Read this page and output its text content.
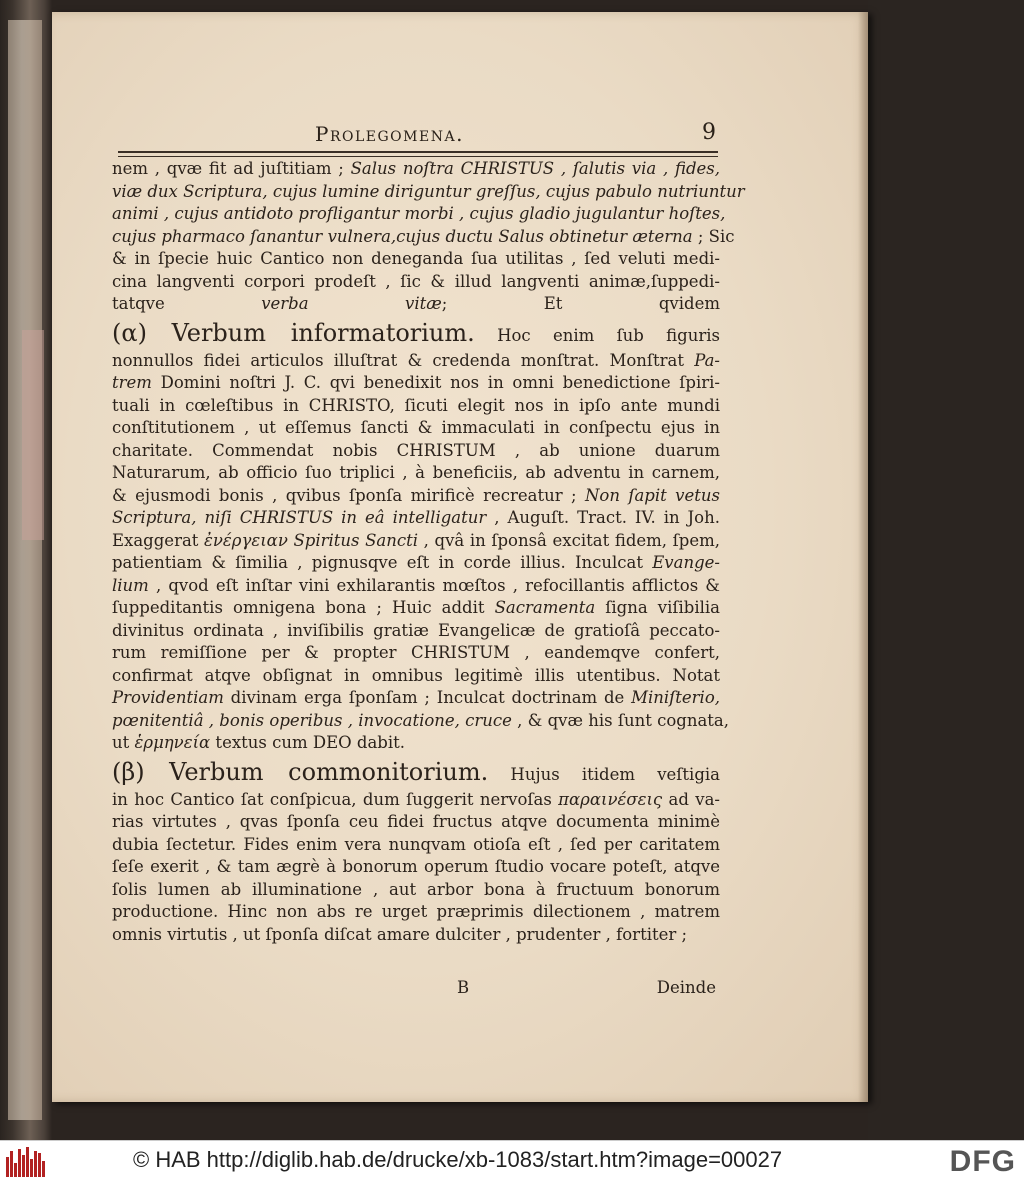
Prolegomena.	9
nem , qvæ fit ad juſtitiam ; Salus noſtra CHRISTUS , ſalutis via , fides,
viæ dux Scriptura, cujus lumine diriguntur greſſus, cujus pabulo nutriuntur
animi , cujus antidoto profligantur morbi , cujus gladio jugulantur hoſtes,
cujus pharmaco ſanantur vulnera,cujus ductu Salus obtinetur æterna ; Sic
& in ſpecie huic Cantico non deneganda ſua utilitas , ſed veluti medi-
cina langventi corpori prodeſt , ſic & illud langventi animæ,ſuppedi-
tatqve verba vitæ; Et qvidem
(α) Verbum informatorium. Hoc enim ſub figuris
nonnullos fidei articulos illuſtrat & credenda monſtrat. Monſtrat Pa-
trem Domini noſtri J. C. qvi benedixit nos in omni benedictione ſpiri-
tuali in cœleſtibus in CHRISTO, ſicuti elegit nos in ipſo ante mundi
conſtitutionem , ut eſſemus ſancti & immaculati in conſpectu ejus in
charitate. Commendat nobis CHRISTUM , ab unione duarum
Naturarum, ab officio ſuo triplici , à beneficiis, ab adventu in carnem,
& ejusmodi bonis , qvibus ſponſa mirificè recreatur ; Non ſapit vetus
Scriptura, niſi CHRISTUS in eâ intelligatur , Auguſt. Tract. IV. in Joh.
Exaggerat ἐνέργειαν Spiritus Sancti , qvâ in ſponsâ excitat fidem, ſpem,
patientiam & ſimilia , pignusqve eſt in corde illius. Inculcat Evange-
lium , qvod eſt inſtar vini exhilarantis mœſtos , refocillantis afflictos &
ſuppeditantis omnigena bona ; Huic addit Sacramenta ſigna viſibilia
divinitus ordinata , inviſibilis gratiæ Evangelicæ de gratioſâ peccato-
rum remiſſione per & propter CHRISTUM , eandemqve confert,
confirmat atqve obſignat in omnibus legitimè illis utentibus. Notat
Providentiam divinam erga ſponſam ; Inculcat doctrinam de Miniſterio,
pœnitentiâ , bonis operibus , invocatione, cruce , & qvæ his ſunt cognata,
ut ἑρμηνεία textus cum DEO dabit.
(β) Verbum commonitorium. Hujus itidem veſtigia
in hoc Cantico ſat conſpicua, dum ſuggerit nervoſas παραινέσεις ad va-
rias virtutes , qvas ſponſa ceu fidei fructus atqve documenta minimè
dubia ſectetur. Fides enim vera nunqvam otioſa eſt , ſed per caritatem
ſeſe exerit , & tam ægrè à bonorum operum ſtudio vocare poteſt, atqve
ſolis lumen ab illuminatione , aut arbor bona à fructuum bonorum
productione. Hinc non abs re urget præprimis dilectionem , matrem
omnis virtutis , ut ſponſa diſcat amare dulciter , prudenter , fortiter ;
B	Deinde
© HAB http://diglib.hab.de/drucke/xb-1083/start.htm?image=00027	DFG
